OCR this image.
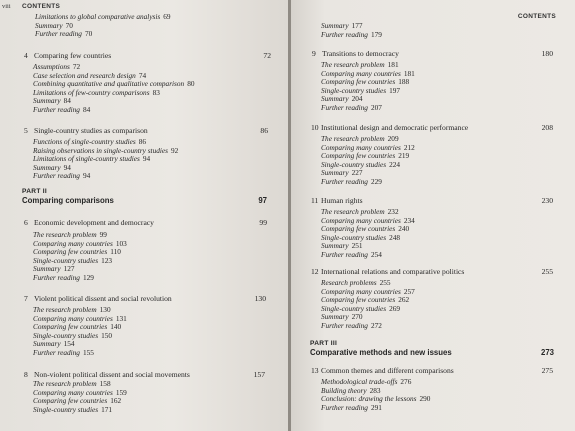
viii CONTENTS
Limitations to global comparative analysis 69
Summary 70
Further reading 70
4 Comparing few countries	72
Assumptions 72
Case selection and research design 74
Combining quantitative and qualitative comparison 80
Limitations of few-country comparisons 83
Summary 84
Further reading 84
5 Single-country studies as comparison	86
Functions of single-country studies 86
Raising observations in single-country studies 92
Limitations of single-country studies 94
Summary 94
Further reading 94
PART II
Comparing comparisons	97
6 Economic development and democracy	99
The research problem 99
Comparing many countries 103
Comparing few countries 110
Single-country studies 123
Summary 127
Further reading 129
7 Violent political dissent and social revolution	130
The research problem 130
Comparing many countries 131
Comparing few countries 140
Single-country studies 150
Summary 154
Further reading 155
8 Non-violent political dissent and social movements	157
The research problem 158
Comparing many countries 159
Comparing few countries 162
Single-country studies 171
CONTENTS
Summary 177
Further reading 179
9 Transitions to democracy	180
The research problem 181
Comparing many countries 181
Comparing few countries 188
Single-country studies 197
Summary 204
Further reading 207
10 Institutional design and democratic performance	208
The research problem 209
Comparing many countries 212
Comparing few countries 219
Single-country studies 224
Summary 227
Further reading 229
11 Human rights	230
The research problem 232
Comparing many countries 234
Comparing few countries 240
Single-country studies 248
Summary 251
Further reading 254
12 International relations and comparative politics	255
Research problems 255
Comparing many countries 257
Comparing few countries 262
Single-country studies 269
Summary 270
Further reading 272
PART III
Comparative methods and new issues	273
13 Common themes and different comparisons	275
Methodological trade-offs 276
Building theory 283
Conclusion: drawing the lessons 290
Further reading 291
